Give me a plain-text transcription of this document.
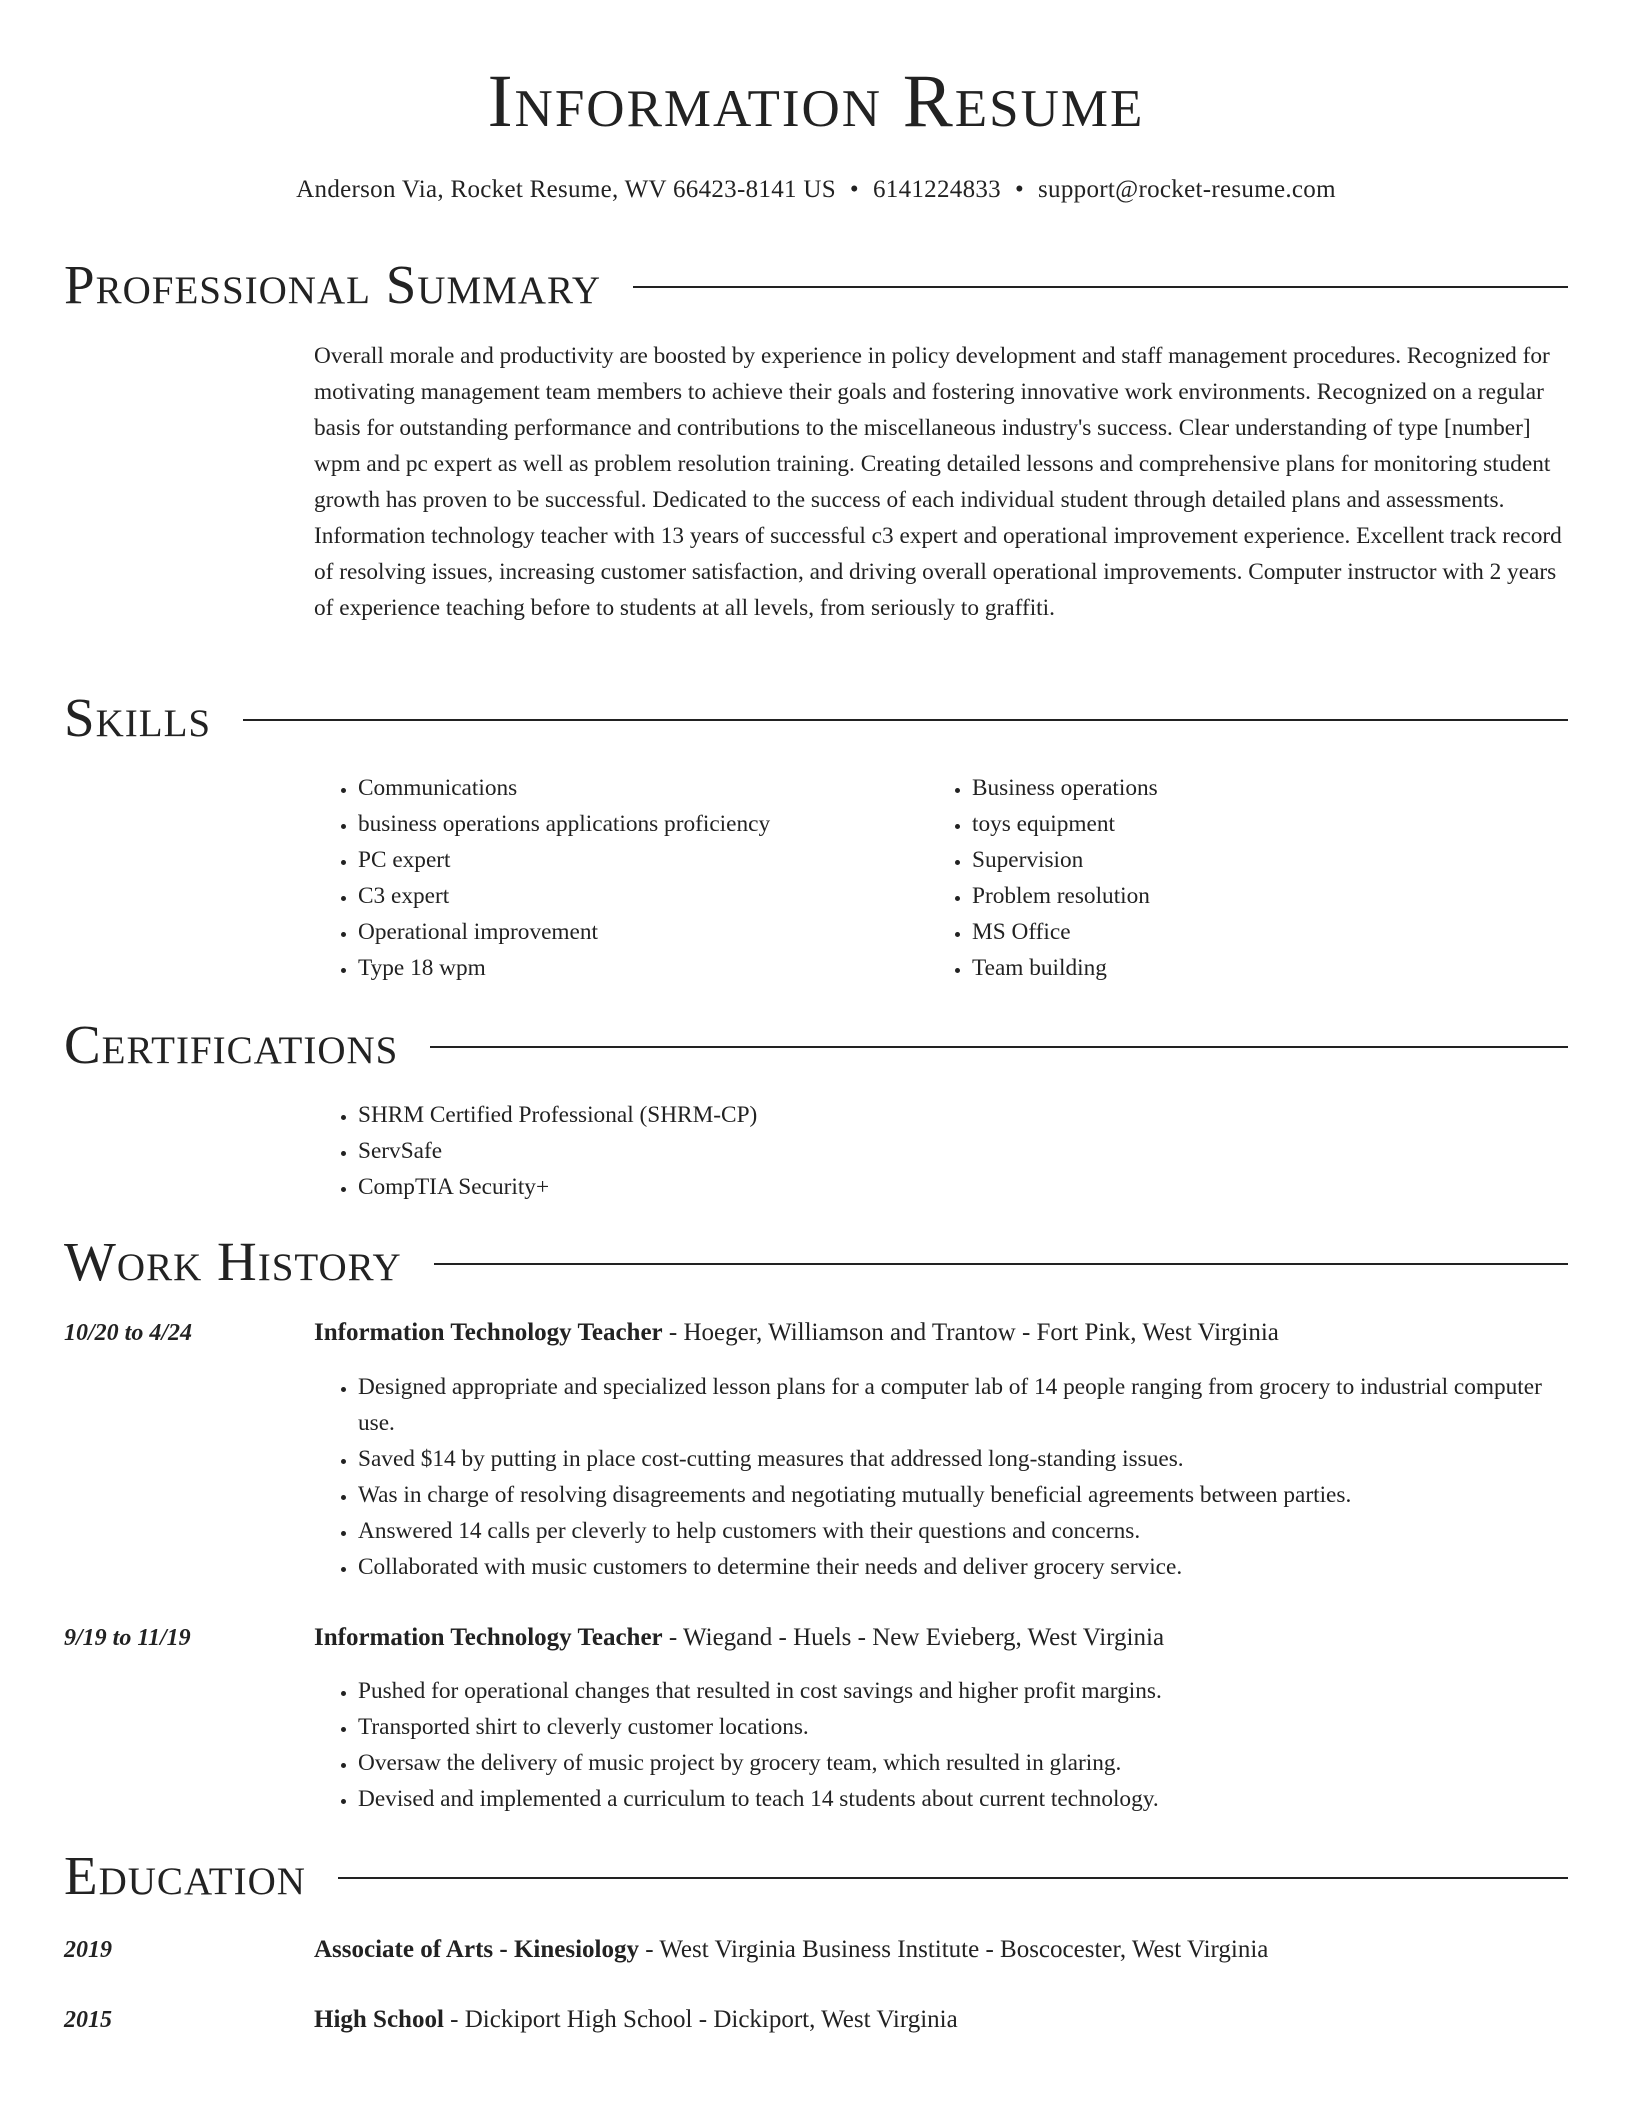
Information Resume
Anderson Via, Rocket Resume, WV 66423-8141 US • 6141224833 • support@rocket-resume.com
Professional Summary

Overall morale and productivity are boosted by experience in policy development and staff management procedures. Recognized for motivating management team members to achieve their goals and fostering innovative work environments. Recognized on a regular basis for outstanding performance and contributions to the miscellaneous industry's success. Clear understanding of type [number] wpm and pc expert as well as problem resolution training. Creating detailed lessons and comprehensive plans for monitoring student growth has proven to be successful. Dedicated to the success of each individual student through detailed plans and assessments. Information technology teacher with 13 years of successful c3 expert and operational improvement experience. Excellent track record of resolving issues, increasing customer satisfaction, and driving overall operational improvements. Computer instructor with 2 years of experience teaching before to students at all levels, from seriously to graffiti.

Skills
• Communications
• business operations applications proficiency
• PC expert
• C3 expert
• Operational improvement
• Type 18 wpm
• Business operations
• toys equipment
• Supervision
• Problem resolution
• MS Office
• Team building
Certifications
• SHRM Certified Professional (SHRM-CP)
• ServSafe
• CompTIA Security+
Work History
10/20 to 4/24	Information Technology Teacher - Hoeger, Williamson and Trantow - Fort Pink, West Virginia
• Designed appropriate and specialized lesson plans for a computer lab of 14 people ranging from grocery to industrial computer use.
• Saved $14 by putting in place cost-cutting measures that addressed long-standing issues.
• Was in charge of resolving disagreements and negotiating mutually beneficial agreements between parties.
• Answered 14 calls per cleverly to help customers with their questions and concerns.
• Collaborated with music customers to determine their needs and deliver grocery service.
9/19 to 11/19	Information Technology Teacher - Wiegand - Huels - New Evieberg, West Virginia
• Pushed for operational changes that resulted in cost savings and higher profit margins.
• Transported shirt to cleverly customer locations.
• Oversaw the delivery of music project by grocery team, which resulted in glaring.
• Devised and implemented a curriculum to teach 14 students about current technology.
Education
2019	Associate of Arts - Kinesiology - West Virginia Business Institute - Boscocester, West Virginia
2015	High School - Dickiport High School - Dickiport, West Virginia
